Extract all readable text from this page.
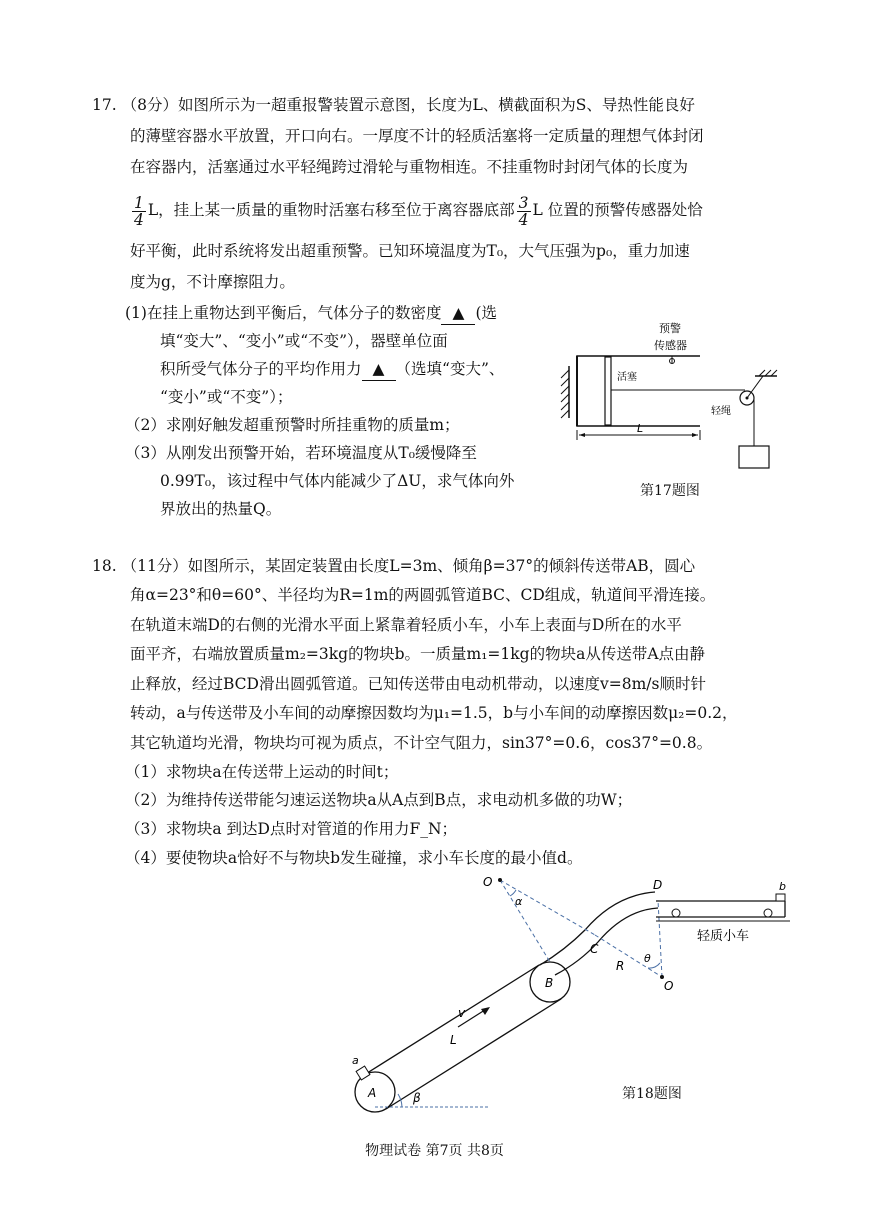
17. （8分）如图所示为一超重报警装置示意图，长度为L、横截面积为S、导热性能良好
的薄壁容器水平放置，开口向右。一厚度不计的轻质活塞将一定质量的理想气体封闭
在容器内，活塞通过水平轻绳跨过滑轮与重物相连。不挂重物时封闭气体的长度为
$\frac{1}{4}$ L，挂上某一质量的重物时活塞右移至位于离容器底部 $\frac{3}{4}$ L 位置的预警传感器处恰
好平衡，此时系统将发出超重预警。已知环境温度为T₀，大气压强为p₀，重力加速
度为g，不计摩擦阻力。
(1)在挂上重物达到平衡后，气体分子的数密度 ▲ (选
填“变大”、“变小”或“不变”），器壁单位面
积所受气体分子的平均作用力 ▲ （选填“变大”、
“变小”或“不变”）；
（2）求刚好触发超重预警时所挂重物的质量m；
（3）从刚发出预警开始，若环境温度从T₀缓慢降至
0.99T₀，该过程中气体内能减少了ΔU，求气体向外
界放出的热量Q。
L
预警
传感器
活塞
轻绳
第17题图
18. （11分）如图所示，某固定装置由长度L=3m、倾角β=37°的倾斜传送带AB，圆心
角α=23°和θ=60°、半径均为R=1m的两圆弧管道BC、CD组成，轨道间平滑连接。
在轨道末端D的右侧的光滑水平面上紧靠着轻质小车，小车上表面与D所在的水平
面平齐，右端放置质量m₂=3kg的物块b。一质量m₁=1kg的物块a从传送带A点由静
止释放，经过BCD滑出圆弧管道。已知传送带由电动机带动，以速度v=8m/s顺时针
转动，a与传送带及小车间的动摩擦因数均为μ₁=1.5，b与小车间的动摩擦因数μ₂=0.2，
其它轨道均光滑，物块均可视为质点，不计空气阻力，sin37°=0.6，cos37°=0.8。
（1）求物块a在传送带上运动的时间t；
（2）为维持传送带能匀速运送物块a从A点到B点，求电动机多做的功W；
（3）求物块a 到达D点时对管道的作用力F_N；
（4）要使物块a恰好不与物块b发生碰撞，求小车长度的最小值d。
O
α
D	b
轻质小车
C
R
θ
O
B
v
L
a
A	β	第18题图
物理试卷 第7页 共8页
